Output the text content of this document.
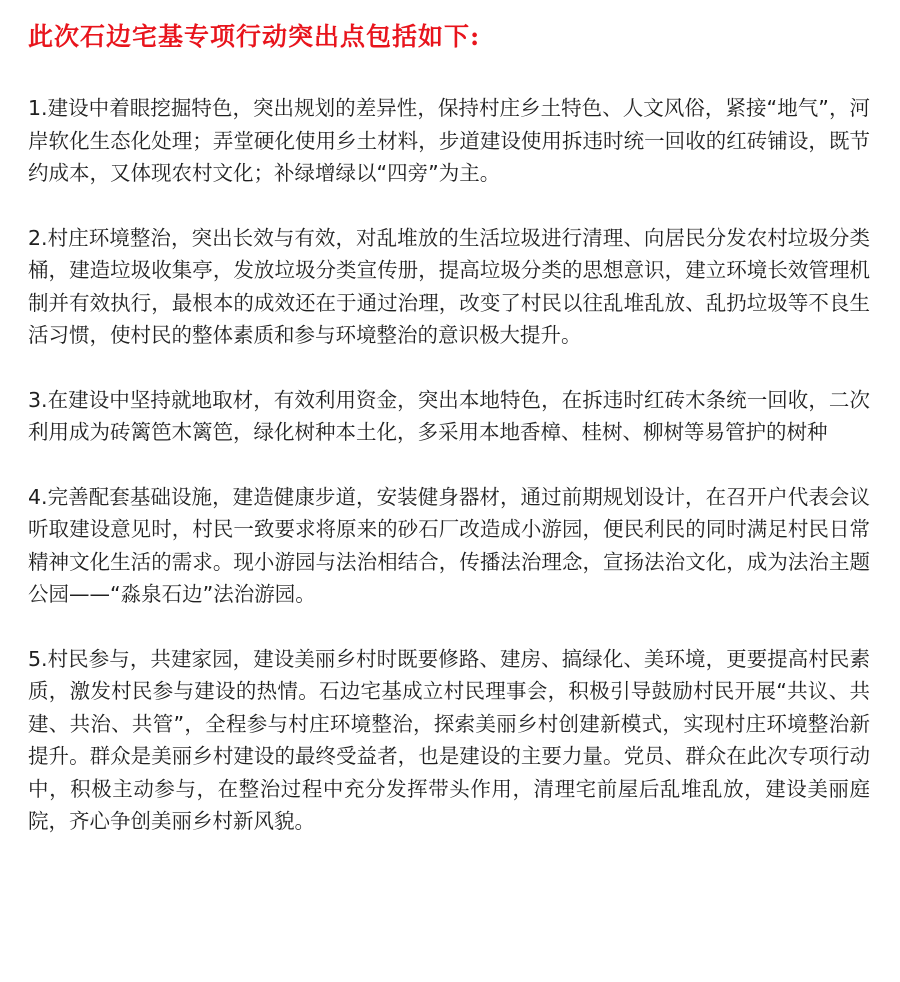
此次石边宅基专项行动突出点包括如下:

1.建设中着眼挖掘特色，突出规划的差异性，保持村庄乡土特色、人文风俗，紧接“地气”，河岸软化生态化处理；弄堂硬化使用乡土材料，步道建设使用拆违时统一回收的红砖铺设，既节约成本，又体现农村文化；补绿增绿以“四旁”为主。

2.村庄环境整治，突出长效与有效，对乱堆放的生活垃圾进行清理、向居民分发农村垃圾分类桶，建造垃圾收集亭，发放垃圾分类宣传册，提高垃圾分类的思想意识，建立环境长效管理机制并有效执行，最根本的成效还在于通过治理，改变了村民以往乱堆乱放、乱扔垃圾等不良生活习惯，使村民的整体素质和参与环境整治的意识极大提升。

3.在建设中坚持就地取材，有效利用资金，突出本地特色，在拆违时红砖木条统一回收，二次利用成为砖篱笆木篱笆，绿化树种本土化，多采用本地香樟、桂树、柳树等易管护的树种

4.完善配套基础设施，建造健康步道，安装健身器材，通过前期规划设计，在召开户代表会议听取建设意见时，村民一致要求将原来的砂石厂改造成小游园，便民利民的同时满足村民日常精神文化生活的需求。现小游园与法治相结合，传播法治理念，宣扬法治文化，成为法治主题公园——“淼泉石边”法治游园。

5.村民参与，共建家园，建设美丽乡村时既要修路、建房、搞绿化、美环境，更要提高村民素质，激发村民参与建设的热情。石边宅基成立村民理事会，积极引导鼓励村民开展“共议、共建、共治、共管”，全程参与村庄环境整治，探索美丽乡村创建新模式，实现村庄环境整治新提升。群众是美丽乡村建设的最终受益者，也是建设的主要力量。党员、群众在此次专项行动中，积极主动参与，在整治过程中充分发挥带头作用，清理宅前屋后乱堆乱放，建设美丽庭院，齐心争创美丽乡村新风貌。
